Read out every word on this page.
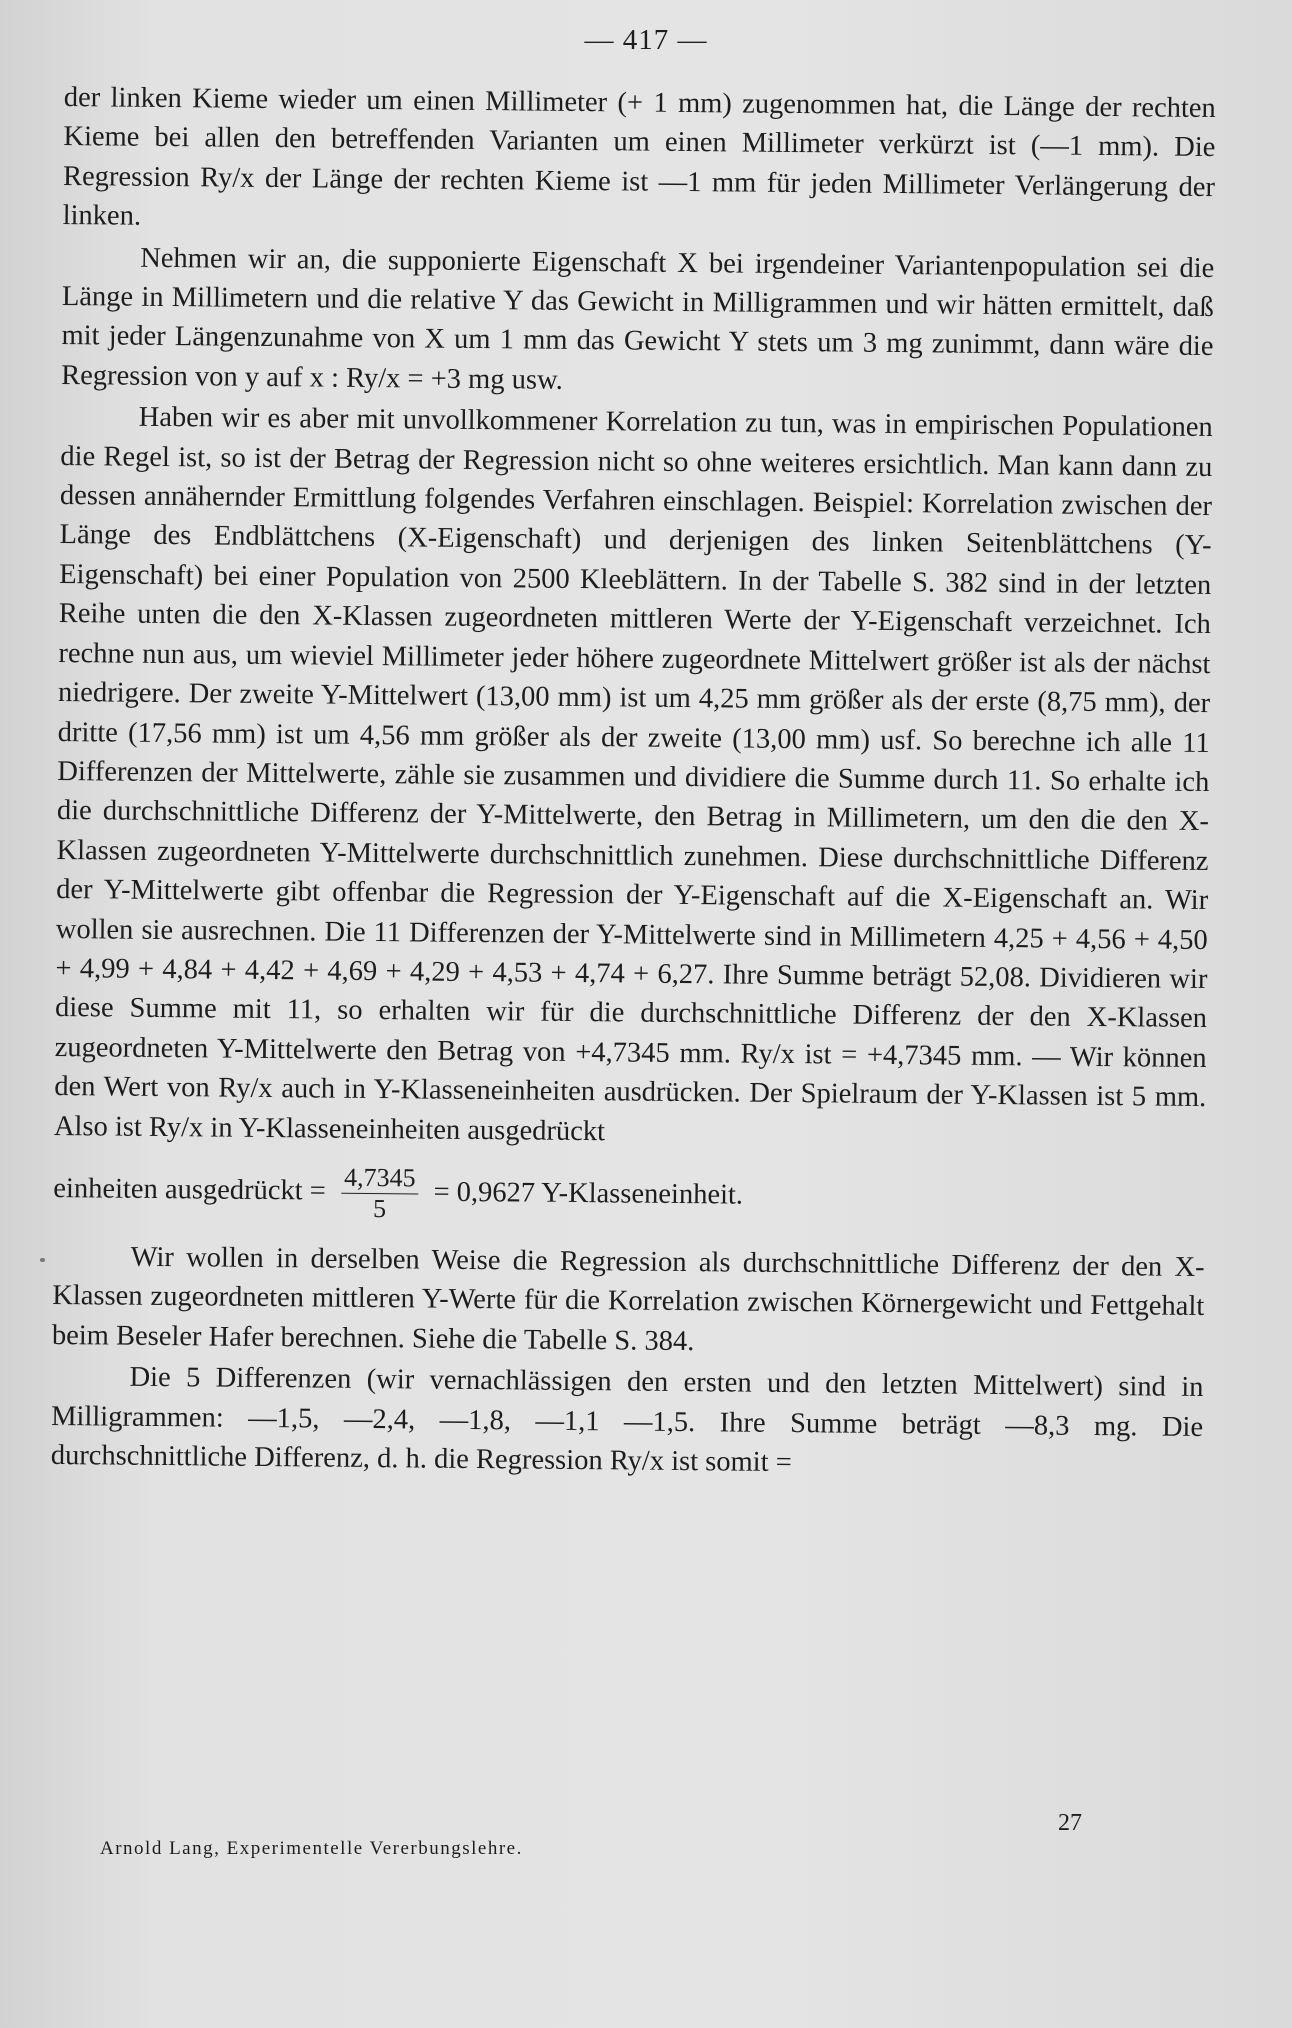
— 417 —

der linken Kieme wieder um einen Millimeter (+ 1 mm) zugenommen hat, die Länge der rechten Kieme bei allen den betreffenden Varianten um einen Millimeter verkürzt ist (—1 mm). Die Regression Ry/x der Länge der rechten Kieme ist —1 mm für jeden Millimeter Verlängerung der linken.

Nehmen wir an, die supponierte Eigenschaft X bei irgendeiner Variantenpopulation sei die Länge in Millimetern und die relative Y das Gewicht in Milligrammen und wir hätten ermittelt, daß mit jeder Längenzunahme von X um 1 mm das Gewicht Y stets um 3 mg zunimmt, dann wäre die Regression von y auf x : Ry/x = +3 mg usw.

Haben wir es aber mit unvollkommener Korrelation zu tun, was in empirischen Populationen die Regel ist, so ist der Betrag der Regression nicht so ohne weiteres ersichtlich. Man kann dann zu dessen annähernder Ermittlung folgendes Verfahren einschlagen. Beispiel: Korrelation zwischen der Länge des Endblättchens (X-Eigenschaft) und derjenigen des linken Seitenblättchens (Y-Eigenschaft) bei einer Population von 2500 Kleeblättern. In der Tabelle S. 382 sind in der letzten Reihe unten die den X-Klassen zugeordneten mittleren Werte der Y-Eigenschaft verzeichnet. Ich rechne nun aus, um wieviel Millimeter jeder höhere zugeordnete Mittelwert größer ist als der nächst niedrigere. Der zweite Y-Mittelwert (13,00 mm) ist um 4,25 mm größer als der erste (8,75 mm), der dritte (17,56 mm) ist um 4,56 mm größer als der zweite (13,00 mm) usf. So berechne ich alle 11 Differenzen der Mittelwerte, zähle sie zusammen und dividiere die Summe durch 11. So erhalte ich die durchschnittliche Differenz der Y-Mittelwerte, den Betrag in Millimetern, um den die den X-Klassen zugeordneten Y-Mittelwerte durchschnittlich zunehmen. Diese durchschnittliche Differenz der Y-Mittelwerte gibt offenbar die Regression der Y-Eigenschaft auf die X-Eigenschaft an. Wir wollen sie ausrechnen. Die 11 Differenzen der Y-Mittelwerte sind in Millimetern 4,25 + 4,56 + 4,50 + 4,99 + 4,84 + 4,42 + 4,69 + 4,29 + 4,53 + 4,74 + 6,27. Ihre Summe beträgt 52,08. Dividieren wir diese Summe mit 11, so erhalten wir für die durchschnittliche Differenz der den X-Klassen zugeordneten Y-Mittelwerte den Betrag von +4,7345 mm. Ry/x ist = +4,7345 mm. — Wir können den Wert von Ry/x auch in Y-Klasseneinheiten ausdrücken. Der Spielraum der Y-Klassen ist 5 mm. Also ist Ry/x in Y-Klasseneinheiten ausgedrückt

einheiten ausgedrückt = $\frac{4,7345}{5} = 0,9627$ Y-Klasseneinheit.

Wir wollen in derselben Weise die Regression als durchschnittliche Differenz der den X-Klassen zugeordneten mittleren Y-Werte für die Korrelation zwischen Körnergewicht und Fettgehalt beim Beseler Hafer berechnen. Siehe die Tabelle S. 384.

Die 5 Differenzen (wir vernachlässigen den ersten und den letzten Mittelwert) sind in Milligrammen: —1,5, —2,4, —1,8, —1,1 —1,5. Ihre Summe beträgt —8,3 mg. Die durchschnittliche Differenz, d. h. die Regression Ry/x ist somit =

27
Arnold Lang, Experimentelle Vererbungslehre.
